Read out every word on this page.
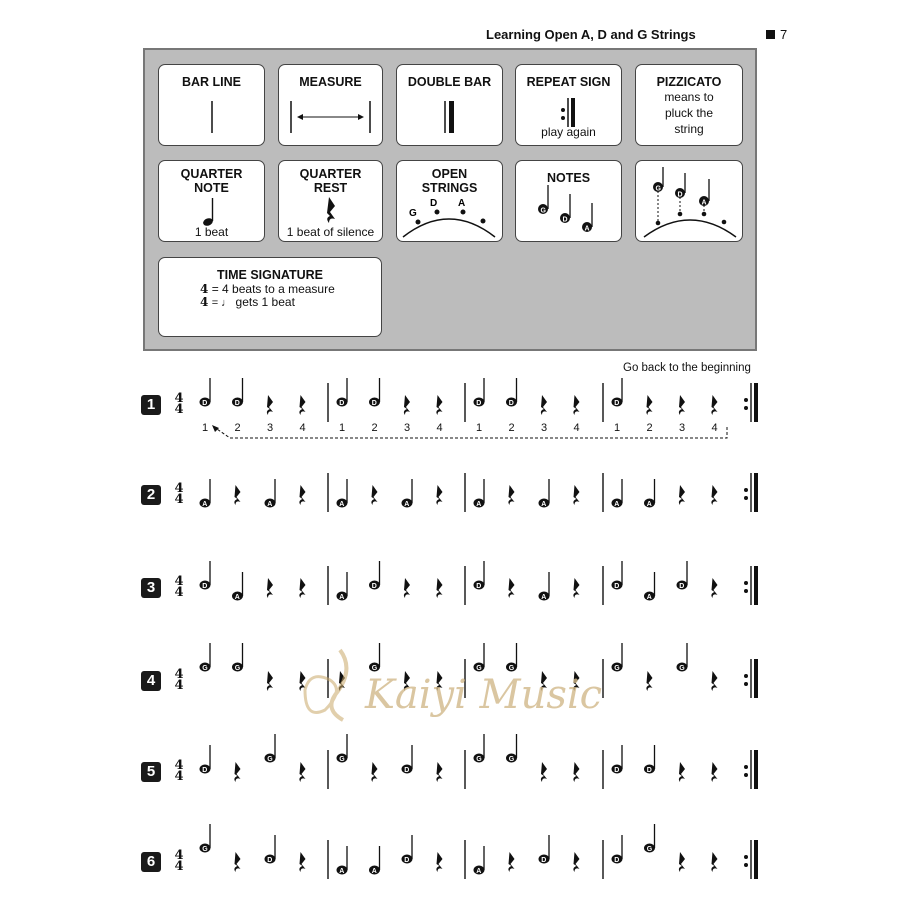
Learning Open A, D and G Strings	7
BAR LINE	MEASURE	DOUBLE BAR	REPEAT SIGN
play again
PIZZICATO
means to
pluck the
string
QUARTER
NOTE
1 beat
QUARTER
REST
1 beat of silence
OPEN
STRINGS
G
D A
NOTES
G
D
A
G
D
A
TIME SIGNATURE
4 = 4 beats to a measure
4 = ♩ gets 1 beat
Go back to the beginning
D	D	D	D	D	D	D
1 2 3 4	1 2 3 4	1 2 3 4	1 2 3 4
A	A	A	A	A	A	A	A
D
A	A
D	D
A
D
A
D
G	G	G	G	G	G	G
D
G	G
D
G	G
D	D
G
D
A	A
D
A
D	D
G
1	4
4
2	4
4
3	4
4
4	4
4
5	4
4
6	4
4
Kaiyi Music
